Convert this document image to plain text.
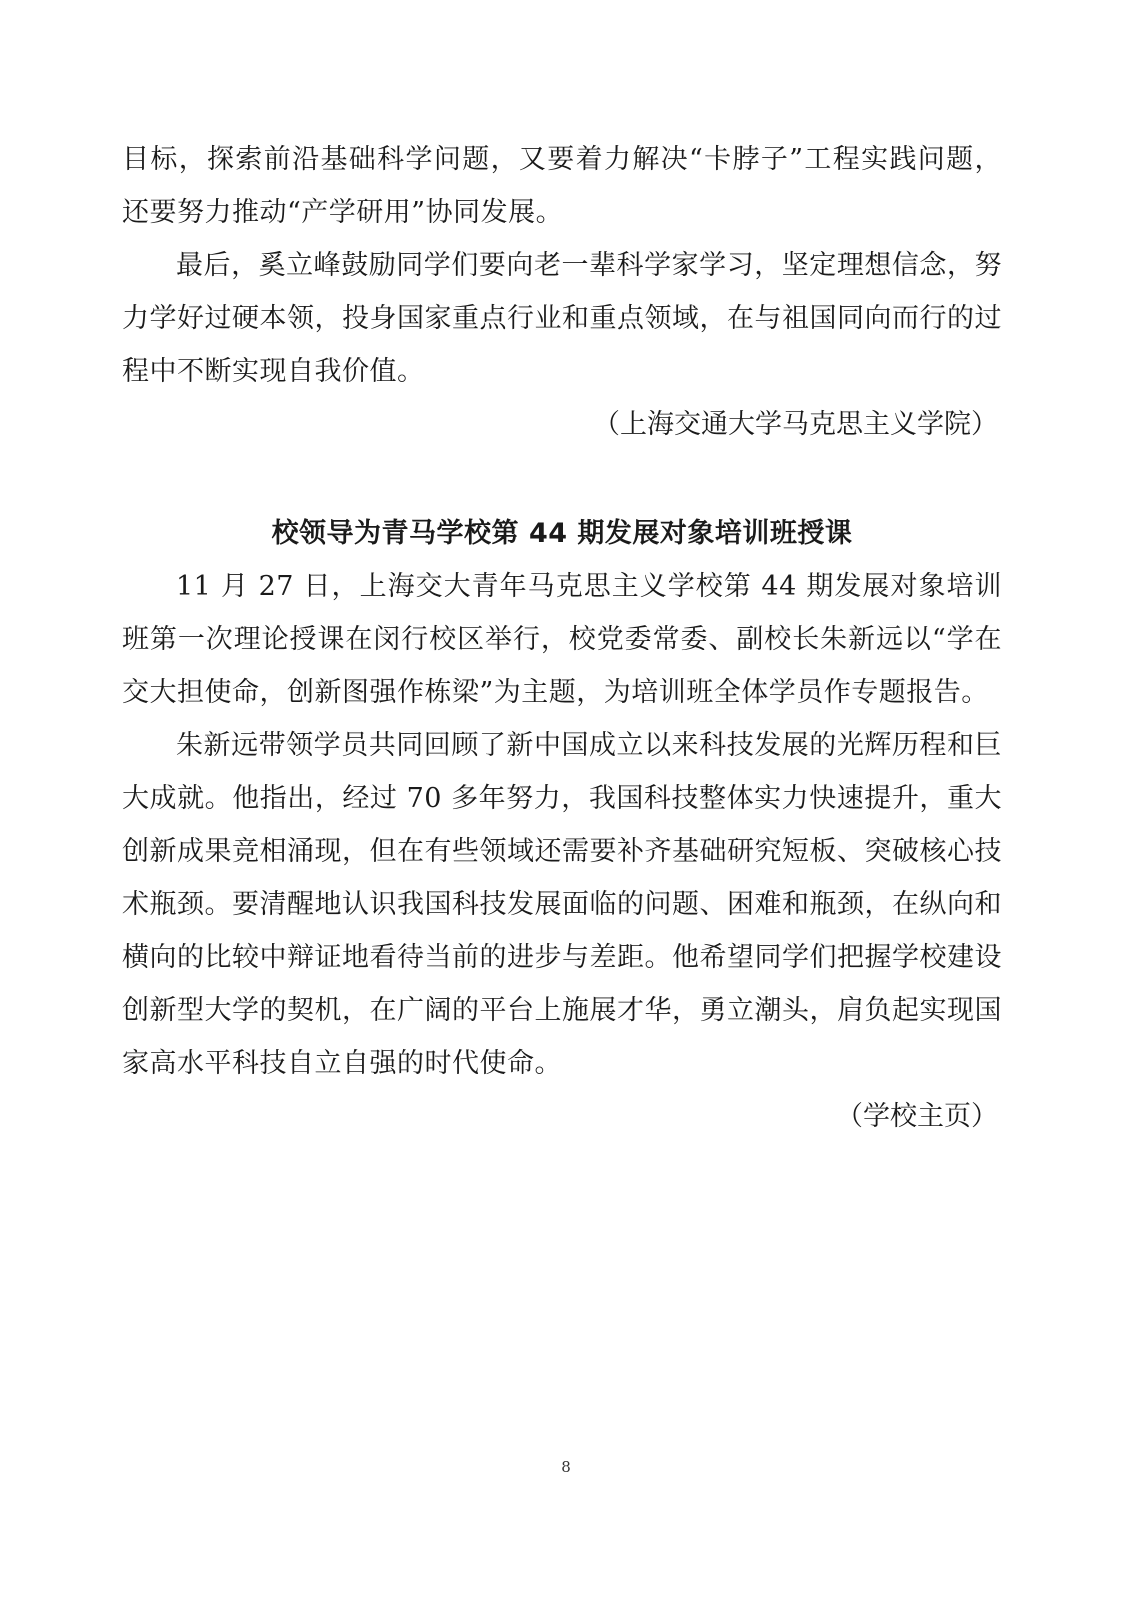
目标，探索前沿基础科学问题，又要着力解决“卡脖子”工程实践问题，还要努力推动“产学研用”协同发展。

最后，奚立峰鼓励同学们要向老一辈科学家学习，坚定理想信念，努力学好过硬本领，投身国家重点行业和重点领域，在与祖国同向而行的过程中不断实现自我价值。

（上海交通大学马克思主义学院）

校领导为青马学校第 44 期发展对象培训班授课

11 月 27 日，上海交大青年马克思主义学校第 44 期发展对象培训班第一次理论授课在闵行校区举行，校党委常委、副校长朱新远以“学在交大担使命，创新图强作栋梁”为主题，为培训班全体学员作专题报告。

朱新远带领学员共同回顾了新中国成立以来科技发展的光辉历程和巨大成就。他指出，经过 70 多年努力，我国科技整体实力快速提升，重大创新成果竞相涌现，但在有些领域还需要补齐基础研究短板、突破核心技术瓶颈。要清醒地认识我国科技发展面临的问题、困难和瓶颈，在纵向和横向的比较中辩证地看待当前的进步与差距。他希望同学们把握学校建设创新型大学的契机，在广阔的平台上施展才华，勇立潮头，肩负起实现国家高水平科技自立自强的时代使命。

（学校主页）

8
